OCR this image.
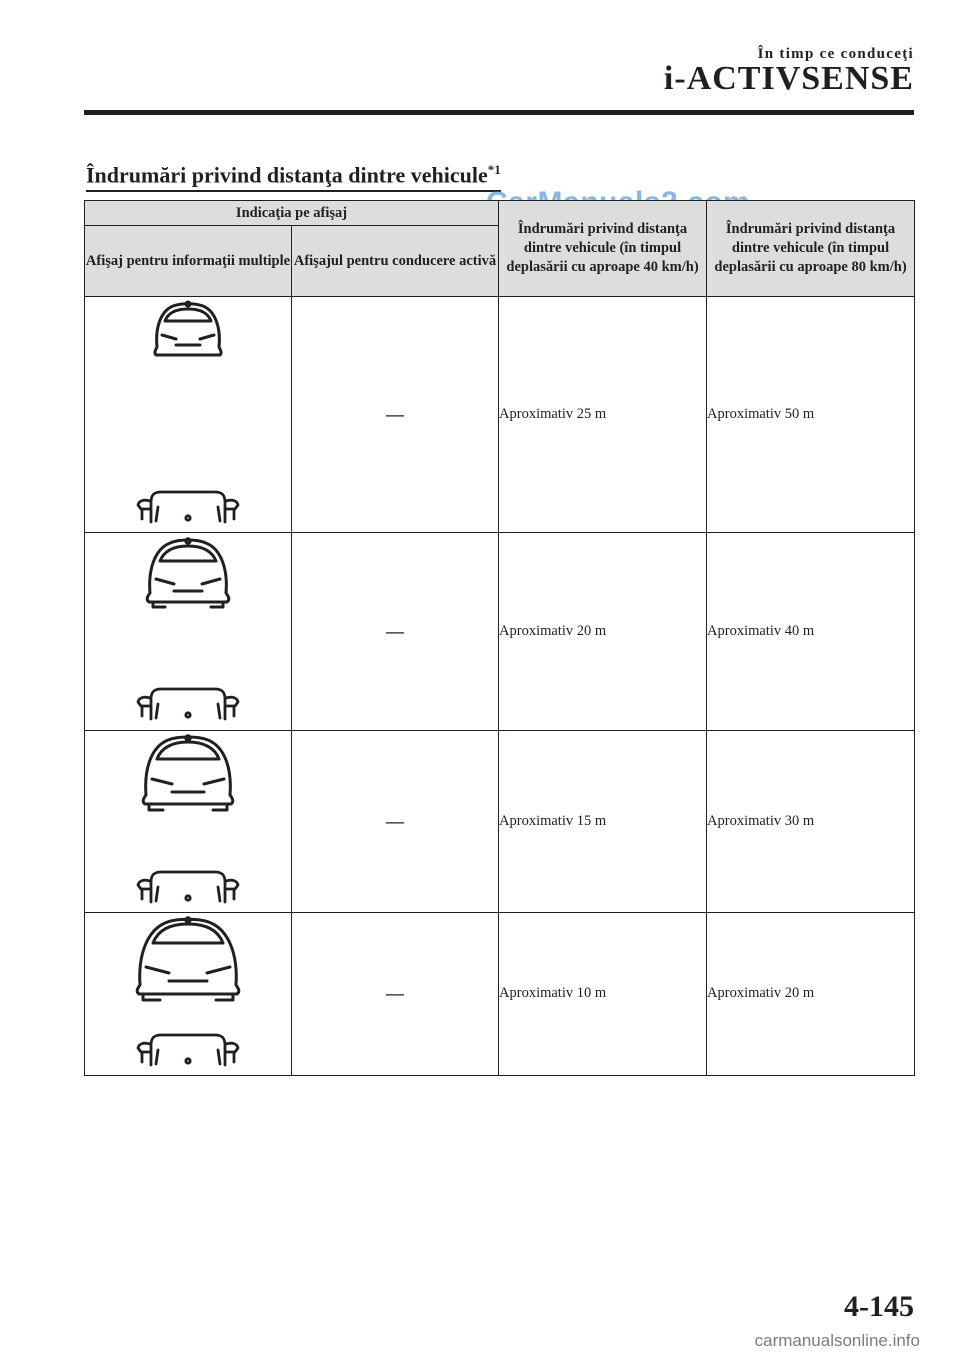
În timp ce conduceţi
i-ACTIVSENSE
Îndrumări privind distanţa dintre vehicule$^{*1}$
Indicaţia pe afişaj		Îndrumări privind distanţa dintre vehicule (în timpul deplasării cu aproape 40 km/h)	Îndrumări privind distanţa dintre vehicule (în timpul deplasării cu aproape 80 km/h)
Afişaj pentru informaţii multiple	Afişajul pentru conducere activă		

	—	Aproximativ 25 m	Aproximativ 50 m

	—	Aproximativ 20 m	Aproximativ 40 m

	—	Aproximativ 15 m	Aproximativ 30 m

	—	Aproximativ 10 m	Aproximativ 20 m
4-145
carmanualsonline.info
